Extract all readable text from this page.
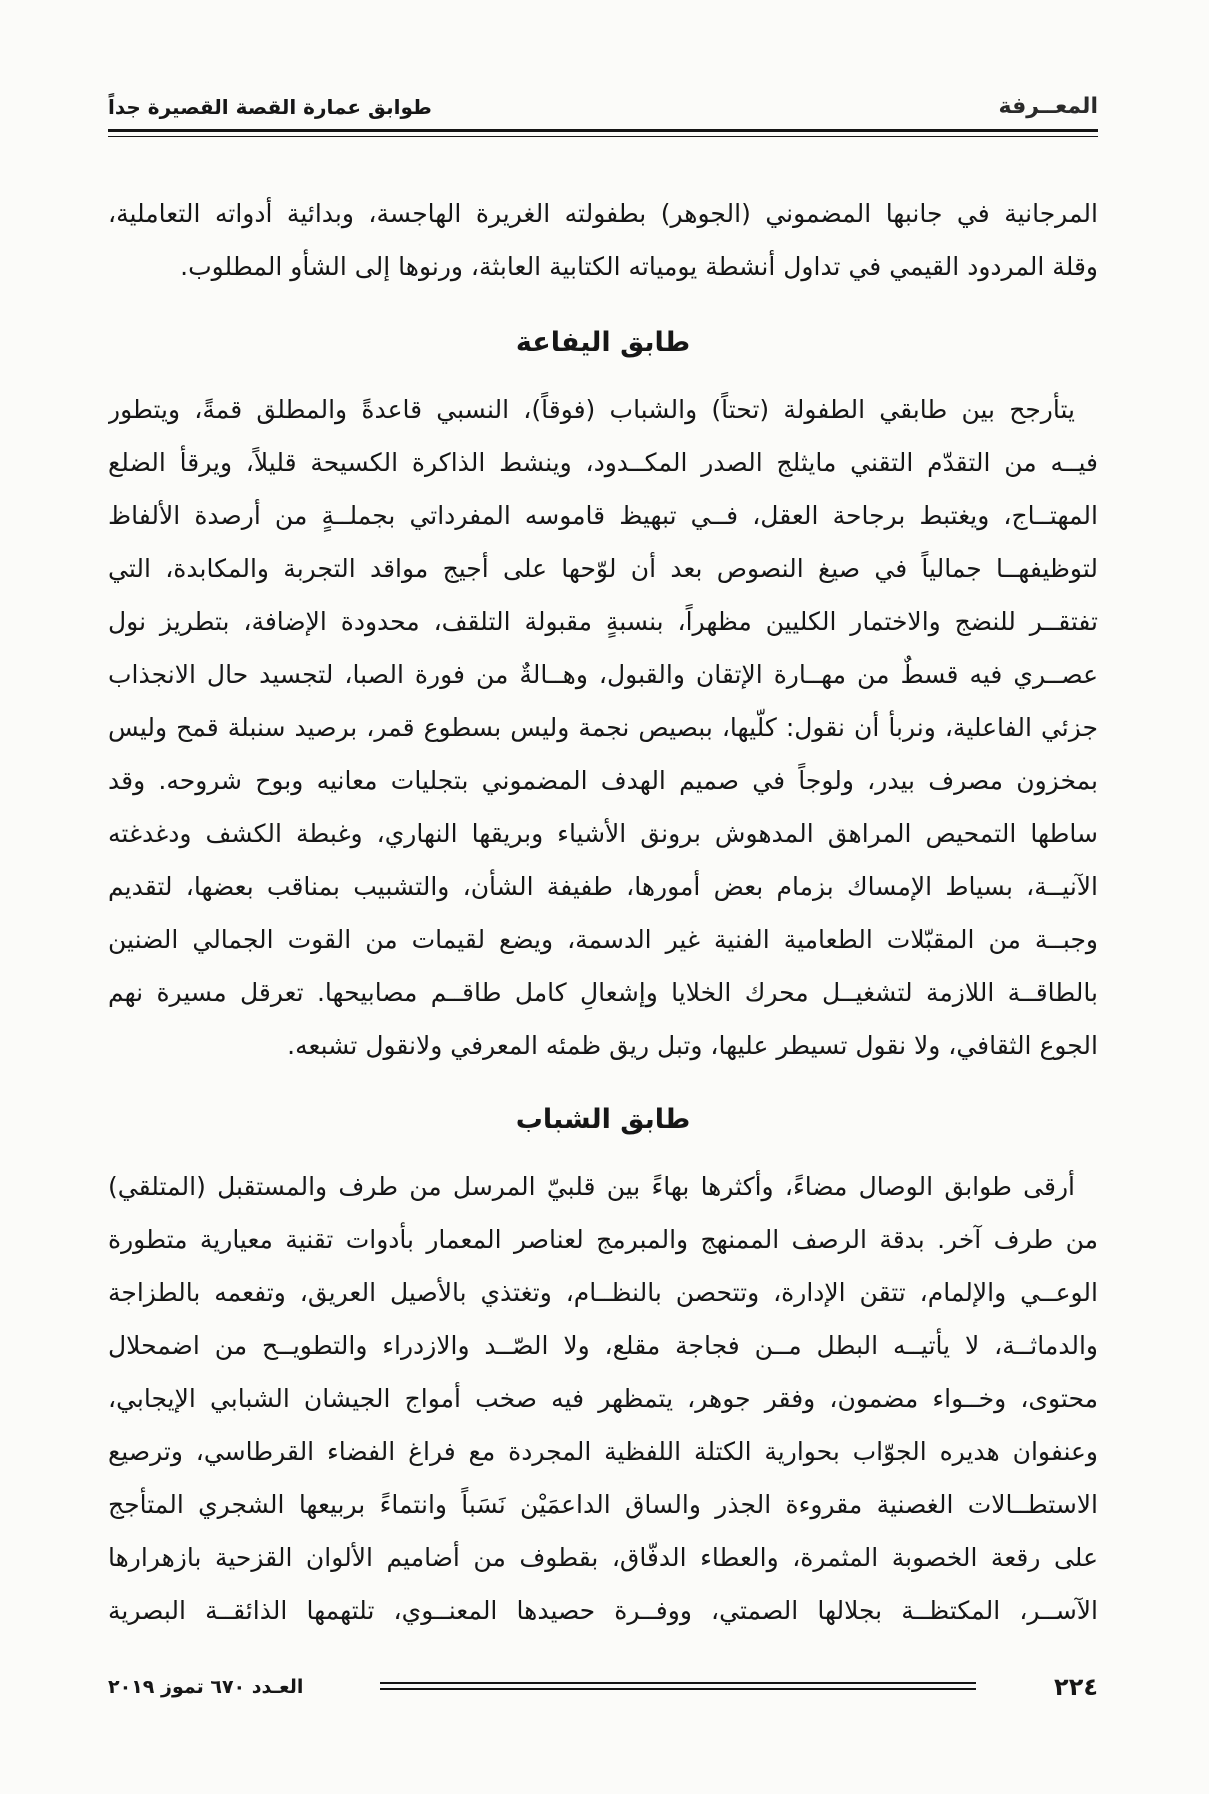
المعــرفة
طوابق عمارة القصة القصيرة جداً
المرجانية في جانبها المضموني (الجوهر) بطفولته الغريرة الهاجسة، وبدائية أدواته التعاملية،
وقلة المردود القيمي في تداول أنشطة يومياته الكتابية العابثة، ورنوها إلى الشأو المطلوب.
طابق اليفاعة
يتأرجح بين طابقي الطفولة (تحتاً) والشباب (فوقاً)، النسبي قاعدةً والمطلق قمةً، ويتطور
فيــه من التقدّم التقني مايثلج الصدر المكــدود، وينشط الذاكرة الكسيحة قليلاً، ويرقأ الضلع
المهتــاج، ويغتبط برجاحة العقل، فــي تبهيظ قاموسه المفرداتي بجملــةٍ من أرصدة الألفاظ
لتوظيفهــا جمالياً في صيغ النصوص بعد أن لوّحها على أجيج مواقد التجربة والمكابدة، التي
تفتقــر للنضج والاختمار الكليين مظهراً، بنسبةٍ مقبولة التلقف، محدودة الإضافة، بتطريز نول
عصــري فيه قسطٌ من مهــارة الإتقان والقبول، وهــالةٌ من فورة الصبا، لتجسيد حال الانجذاب
جزئي الفاعلية، ونربأ أن نقول: كلّيها، ببصيص نجمة وليس بسطوع قمر، برصيد سنبلة قمح وليس
بمخزون مصرف بيدر، ولوجاً في صميم الهدف المضموني بتجليات معانيه وبوح شروحه. وقد
ساطها التمحيص المراهق المدهوش برونق الأشياء وبريقها النهاري، وغبطة الكشف ودغدغته
الآنيــة، بسياط الإمساك بزمام بعض أمورها، طفيفة الشأن، والتشبيب بمناقب بعضها، لتقديم
وجبــة من المقبّلات الطعامية الفنية غير الدسمة، ويضع لقيمات من القوت الجمالي الضنين
بالطاقــة اللازمة لتشغيــل محرك الخلايا وإشعالِ كامل طاقــم مصابيحها. تعرقل مسيرة نهم
الجوع الثقافي، ولا نقول تسيطر عليها، وتبل ريق ظمئه المعرفي ولانقول تشبعه.
طابق الشباب
أرقى طوابق الوصال مضاءً، وأكثرها بهاءً بين قلبيّ المرسل من طرف والمستقبل (المتلقي)
من طرف آخر. بدقة الرصف الممنهج والمبرمج لعناصر المعمار بأدوات تقنية معيارية متطورة
الوعــي والإلمام، تتقن الإدارة، وتتحصن بالنظــام، وتغتذي بالأصيل العريق، وتفعمه بالطزاجة
والدماثــة، لا يأتيــه البطل مــن فجاجة مقلع، ولا الصّــد والازدراء والتطويــح من اضمحلال
محتوى، وخــواء مضمون، وفقر جوهر، يتمظهر فيه صخب أمواج الجيشان الشبابي الإيجابي،
وعنفوان هديره الجوّاب بحوارية الكتلة اللفظية المجردة مع فراغ الفضاء القرطاسي، وترصيع
الاستطــالات الغصنية مقروءة الجذر والساق الداعمَيْن نَسَباً وانتماءً بربيعها الشجري المتأجج
على رقعة الخصوبة المثمرة، والعطاء الدفّاق، بقطوف من أضاميم الألوان القزحية بازهرارها
الآســر، المكتظــة بجلالها الصمتي، ووفــرة حصيدها المعنــوي، تلتهمها الذائقــة البصرية
٢٢٤
العـدد ٦٧٠ تموز ٢٠١٩
